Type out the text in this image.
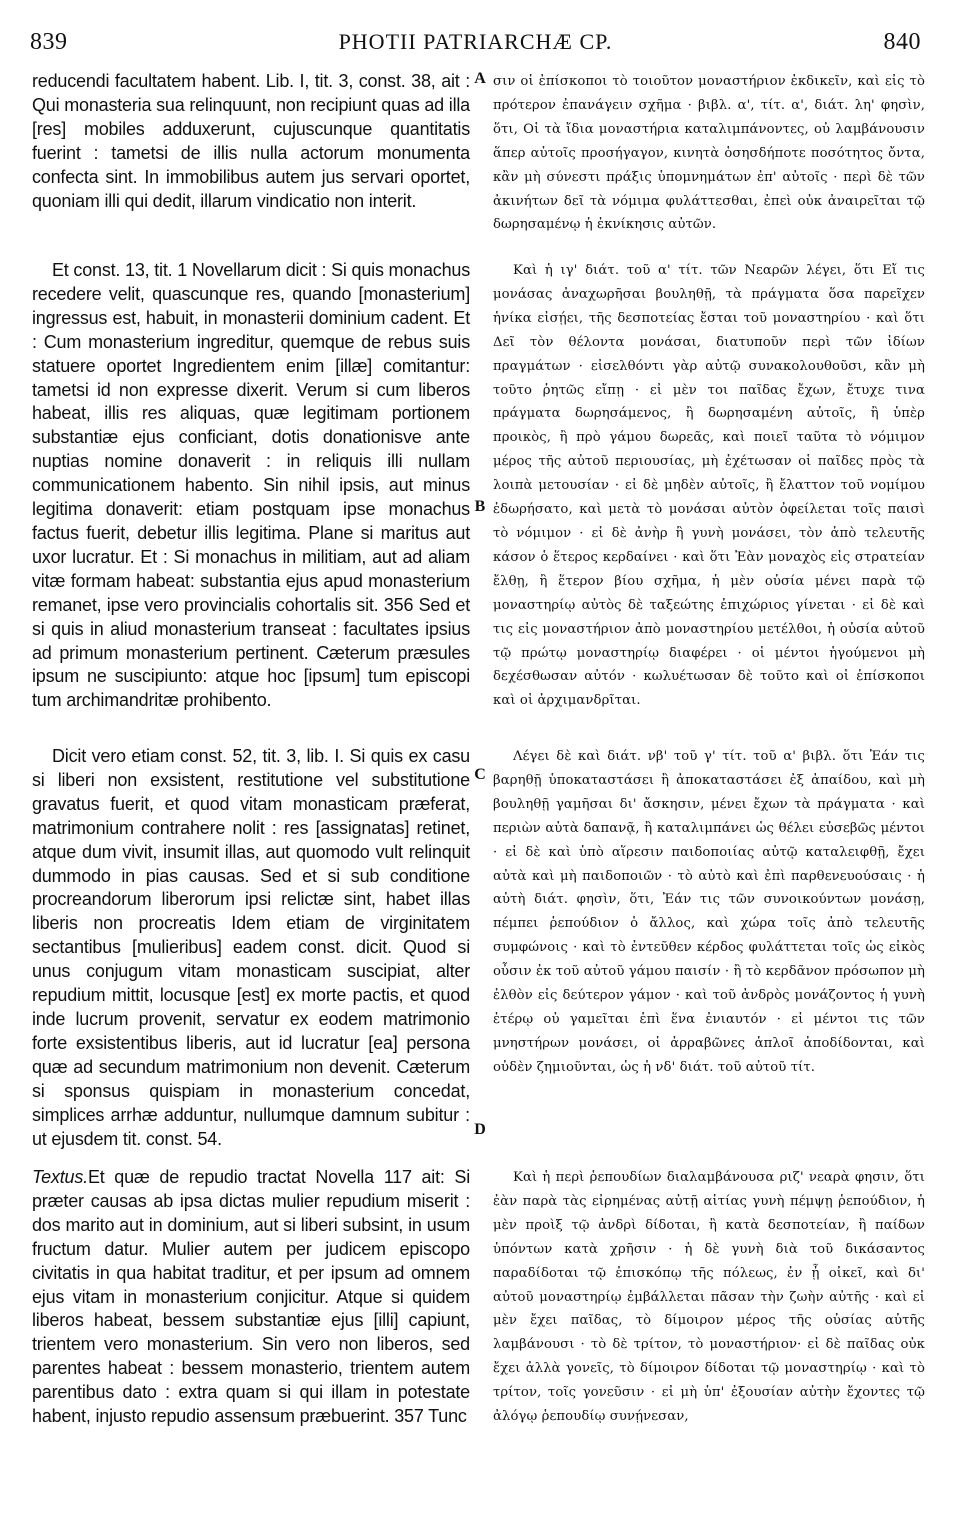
839	PHOTII PATRIARCHÆ CP.	840
A
B
C
D

reducendi facultatem habent. Lib. I, tit. 3, const. 38, ait : Qui monasteria sua relinquunt, non recipiunt quas ad illa [res] mobiles adduxerunt, cujuscunque quantitatis fuerint : tametsi de illis nulla actorum monumenta confecta sint. In immobilibus autem jus servari oportet, quoniam illi qui dedit, illarum vindicatio non interit.

Et const. 13, tit. 1 Novellarum dicit : Si quis monachus recedere velit, quascunque res, quando [monasterium] ingressus est, habuit, in monasterii dominium cadent. Et : Cum monasterium ingreditur, quemque de rebus suis statuere oportet Ingredientem enim [illæ] comitantur: tametsi id non expresse dixerit. Verum si cum liberos habeat, illis res aliquas, quæ legitimam portionem substantiæ ejus conficiant, dotis donationisve ante nuptias nomine donaverit : in reliquis illi nullam communicationem habento. Sin nihil ipsis, aut minus legitima donaverit: etiam postquam ipse monachus factus fuerit, debetur illis legitima. Plane si maritus aut uxor lucratur. Et : Si monachus in militiam, aut ad aliam vitæ formam habeat: substantia ejus apud monasterium remanet, ipse vero provincialis cohortalis sit. 356 Sed et si quis in aliud monasterium transeat : facultates ipsius ad primum monasterium pertinent. Cæterum præsules ipsum ne suscipiunto: atque hoc [ipsum] tum episcopi tum archimandritæ prohibento.

Dicit vero etiam const. 52, tit. 3, lib. I. Si quis ex casu si liberi non exsistent, restitutione vel substitutione gravatus fuerit, et quod vitam monasticam præferat, matrimonium contrahere nolit : res [assignatas] retinet, atque dum vivit, insumit illas, aut quomodo vult relinquit dummodo in pias causas. Sed et si sub conditione procreandorum liberorum ipsi relictæ sint, habet illas liberis non procreatis Idem etiam de virginitatem sectantibus [mulieribus] eadem const. dicit. Quod si unus conjugum vitam monasticam suscipiat, alter repudium mittit, locusque [est] ex morte pactis, et quod inde lucrum provenit, servatur ex eodem matrimonio forte exsistentibus liberis, aut id lucratur [ea] persona quæ ad secundum matrimonium non devenit. Cæterum si sponsus quispiam in monasterium concedat, simplices arrhæ adduntur, nullumque damnum subitur : ut ejusdem tit. const. 54.

Textus.Et quæ de repudio tractat Novella 117 ait: Si præter causas ab ipsa dictas mulier repudium miserit : dos marito aut in dominium, aut si liberi subsint, in usum fructum datur. Mulier autem per judicem episcopo civitatis in qua habitat traditur, et per ipsum ad omnem ejus vitam in monasterium conjicitur. Atque si quidem liberos habeat, bessem substantiæ ejus [illi] capiunt, trientem vero monasterium. Sin vero non liberos, sed parentes habeat : bessem monasterio, trientem autem parentibus dato : extra quam si qui illam in potestate habent, injusto repudio assensum præbuerint. 357 Tunc

σιν οἱ ἐπίσκοποι τὸ τοιοῦτον μοναστήριον ἐκδικεῖν, καὶ εἰς τὸ πρότερον ἐπανάγειν σχῆμα · βιβλ. α', τίτ. α', διάτ. λη' φησὶν, ὅτι, Οἱ τὰ ἴδια μοναστήρια καταλιμπάνοντες, οὐ λαμβάνουσιν ἅπερ αὐτοῖς προσήγαγον, κινητὰ ὁσησδήποτε ποσότητος ὄντα, κἂν μὴ σύνεστι πράξις ὑπομνημάτων ἐπ' αὐτοῖς · περὶ δὲ τῶν ἀκινήτων δεῖ τὰ νόμιμα φυλάττεσθαι, ἐπεὶ οὐκ ἀναιρεῖται τῷ δωρησαμένῳ ἡ ἐκνίκησις αὐτῶν.

Καὶ ἡ ιγ' διάτ. τοῦ α' τίτ. τῶν Νεαρῶν λέγει, ὅτι Εἴ τις μονάσας ἀναχωρῆσαι βουληθῇ, τὰ πράγματα ὅσα παρεῖχεν ἡνίκα εἰσῄει, τῆς δεσποτείας ἔσται τοῦ μοναστηρίου · καὶ ὅτι Δεῖ τὸν θέλοντα μονάσαι, διατυποῦν περὶ τῶν ἰδίων πραγμάτων · εἰσελθόντι γὰρ αὐτῷ συνακολουθοῦσι, κἂν μὴ τοῦτο ῥητῶς εἴπῃ · εἰ μὲν τοι παῖδας ἔχων, ἔτυχε τινα πράγματα δωρησάμενος, ἢ δωρησαμένη αὐτοῖς, ἢ ὑπὲρ προικὸς, ἢ πρὸ γάμου δωρεᾶς, καὶ ποιεῖ ταῦτα τὸ νόμιμον μέρος τῆς αὐτοῦ περιουσίας, μὴ ἐχέτωσαν οἱ παῖδες πρὸς τὰ λοιπὰ μετουσίαν · εἰ δὲ μηδὲν αὐτοῖς, ἢ ἔλαττον τοῦ νομίμου ἐδωρήσατο, καὶ μετὰ τὸ μονάσαι αὐτὸν ὀφείλεται τοῖς παισὶ τὸ νόμιμον · εἰ δὲ ἀνὴρ ἢ γυνὴ μονάσει, τὸν ἀπὸ τελευτῆς κάσον ὁ ἕτερος κερδαίνει · καὶ ὅτι Ἐὰν μοναχὸς εἰς στρατείαν ἔλθῃ, ἢ ἕτερον βίου σχῆμα, ἡ μὲν οὐσία μένει παρὰ τῷ μοναστηρίῳ αὐτὸς δὲ ταξεώτης ἐπιχώριος γίνεται · εἰ δὲ καὶ τις εἰς μοναστήριον ἀπὸ μοναστηρίου μετέλθοι, ἡ οὐσία αὐτοῦ τῷ πρώτῳ μοναστηρίῳ διαφέρει · οἱ μέντοι ἡγούμενοι μὴ δεχέσθωσαν αὐτόν · κωλυέτωσαν δὲ τοῦτο καὶ οἱ ἐπίσκοποι καὶ οἱ ἀρχιμανδρῖται.

Λέγει δὲ καὶ διάτ. νβ' τοῦ γ' τίτ. τοῦ α' βιβλ. ὅτι Ἐάν τις βαρηθῇ ὑποκαταστάσει ἢ ἀποκαταστάσει ἐξ ἀπαίδου, καὶ μὴ βουληθῇ γαμῆσαι δι' ἄσκησιν, μένει ἔχων τὰ πράγματα · καὶ περιὼν αὐτὰ δαπανᾷ, ἢ καταλιμπάνει ὡς θέλει εὐσεβῶς μέντοι · εἰ δὲ καὶ ὑπὸ αἵρεσιν παιδοποιίας αὐτῷ καταλειφθῇ, ἔχει αὐτὰ καὶ μὴ παιδοποιῶν · τὸ αὐτὸ καὶ ἐπὶ παρθενευούσαις · ἡ αὐτὴ διάτ. φησὶν, ὅτι, Ἐάν τις τῶν συνοικούντων μονάσῃ, πέμπει ῥεπούδιον ὁ ἄλλος, καὶ χώρα τοῖς ἀπὸ τελευτῆς συμφώνοις · καὶ τὸ ἐντεῦθεν κέρδος φυλάττεται τοῖς ὡς εἰκὸς οὖσιν ἐκ τοῦ αὐτοῦ γάμου παισίν · ἢ τὸ κερδᾶνον πρόσωπον μὴ ἐλθὸν εἰς δεύτερον γάμον · καὶ τοῦ ἀνδρὸς μονάζοντος ἡ γυνὴ ἑτέρῳ οὐ γαμεῖται ἐπὶ ἕνα ἐνιαυτόν · εἰ μέντοι τις τῶν μνηστήρων μονάσει, οἱ ἀρραβῶνες ἁπλοῖ ἀποδίδονται, καὶ οὐδὲν ζημιοῦνται, ὡς ἡ νδ' διάτ. τοῦ αὐτοῦ τίτ.

Καὶ ἡ περὶ ῥεπουδίων διαλαμβάνουσα ριζ' νεαρὰ φησιν, ὅτι ἐὰν παρὰ τὰς εἰρημένας αὐτῇ αἰτίας γυνὴ πέμψῃ ῥεπούδιον, ἡ μὲν προὶξ τῷ ἀνδρὶ δίδοται, ἢ κατὰ δεσποτείαν, ἢ παίδων ὑπόντων κατὰ χρῆσιν · ἡ δὲ γυνὴ διὰ τοῦ δικάσαντος παραδίδοται τῷ ἐπισκόπῳ τῆς πόλεως, ἐν ᾗ οἰκεῖ, καὶ δι' αὐτοῦ μοναστηρίῳ ἐμβάλλεται πᾶσαν τὴν ζωὴν αὐτῆς · καὶ εἰ μὲν ἔχει παῖδας, τὸ δίμοιρον μέρος τῆς οὐσίας αὐτῆς λαμβάνουσι · τὸ δὲ τρίτον, τὸ μοναστήριον· εἰ δὲ παῖδας οὐκ ἔχει ἀλλὰ γονεῖς, τὸ δίμοιρον δίδοται τῷ μοναστηρίῳ · καὶ τὸ τρίτον, τοῖς γονεῦσιν · εἰ μὴ ὑπ' ἐξουσίαν αὐτὴν ἔχοντες τῷ ἀλόγῳ ῥεπουδίῳ συνῄνεσαν,
